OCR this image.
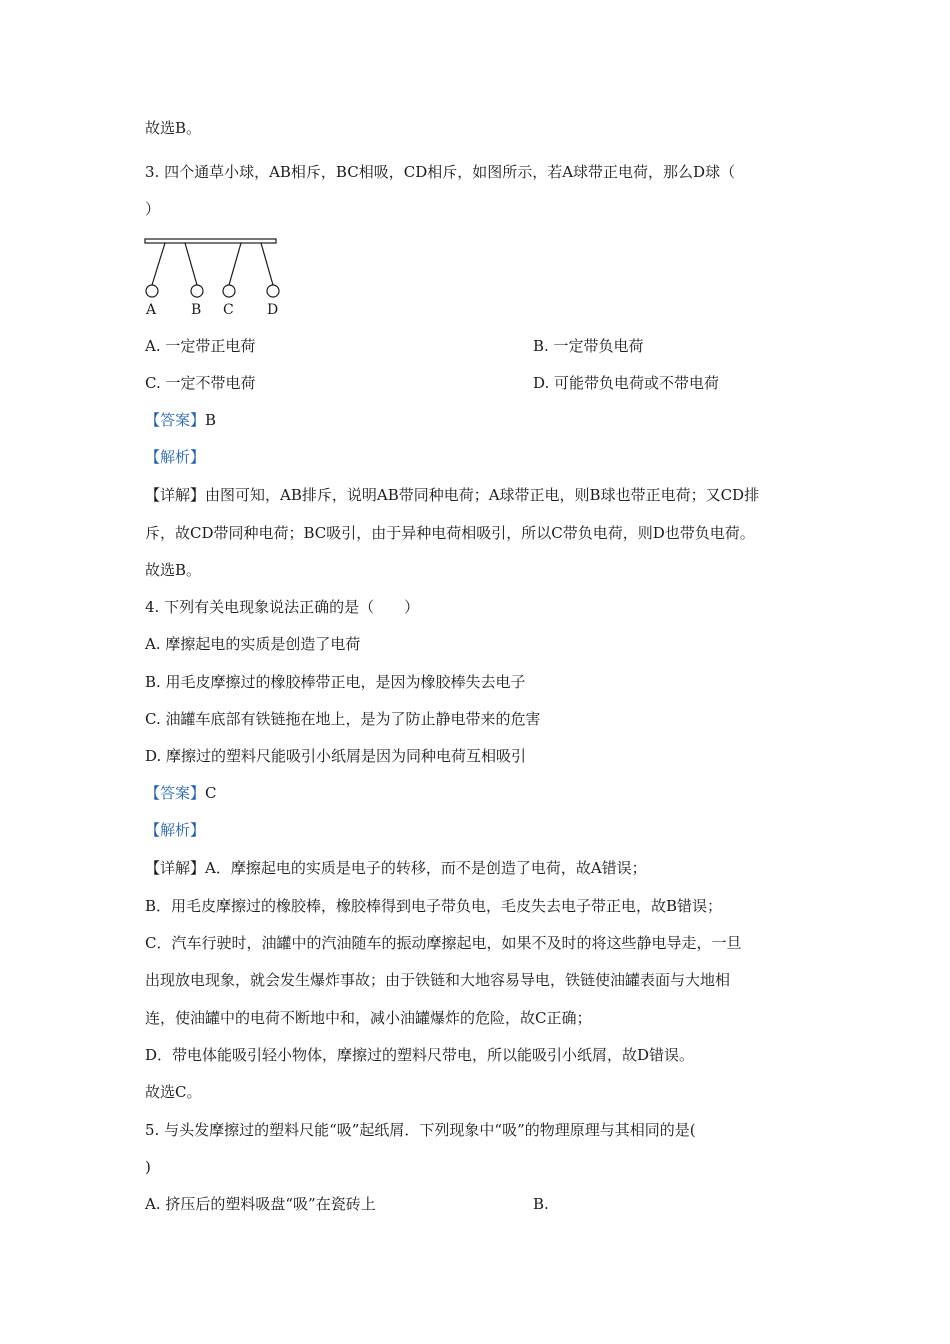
故选B。
3. 四个通草小球，AB相斥，BC相吸，CD相斥，如图所示，若A球带正电荷，那么D球（
）
A B C D
A. 一定带正电荷	B. 一定带负电荷
C. 一定不带电荷	D. 可能带负电荷或不带电荷
【答案】B
【解析】
【详解】由图可知，AB排斥，说明AB带同种电荷；A球带正电，则B球也带正电荷；又CD排
斥，故CD带同种电荷；BC吸引，由于异种电荷相吸引，所以C带负电荷，则D也带负电荷。
故选B。
4. 下列有关电现象说法正确的是（　　）
A. 摩擦起电的实质是创造了电荷
B. 用毛皮摩擦过的橡胶棒带正电，是因为橡胶棒失去电子
C. 油罐车底部有铁链拖在地上，是为了防止静电带来的危害
D. 摩擦过的塑料尺能吸引小纸屑是因为同种电荷互相吸引
【答案】C
【解析】
【详解】A．摩擦起电的实质是电子的转移，而不是创造了电荷，故A错误；
B．用毛皮摩擦过的橡胶棒，橡胶棒得到电子带负电，毛皮失去电子带正电，故B错误；
C．汽车行驶时，油罐中的汽油随车的振动摩擦起电，如果不及时的将这些静电导走，一旦
出现放电现象，就会发生爆炸事故；由于铁链和大地容易导电，铁链使油罐表面与大地相
连，使油罐中的电荷不断地中和，减小油罐爆炸的危险，故C正确；
D．带电体能吸引轻小物体，摩擦过的塑料尺带电，所以能吸引小纸屑，故D错误。
故选C。
5. 与头发摩擦过的塑料尺能“吸”起纸屑．下列现象中“吸”的物理原理与其相同的是(
)
A. 挤压后的塑料吸盘“吸”在瓷砖上	B.
